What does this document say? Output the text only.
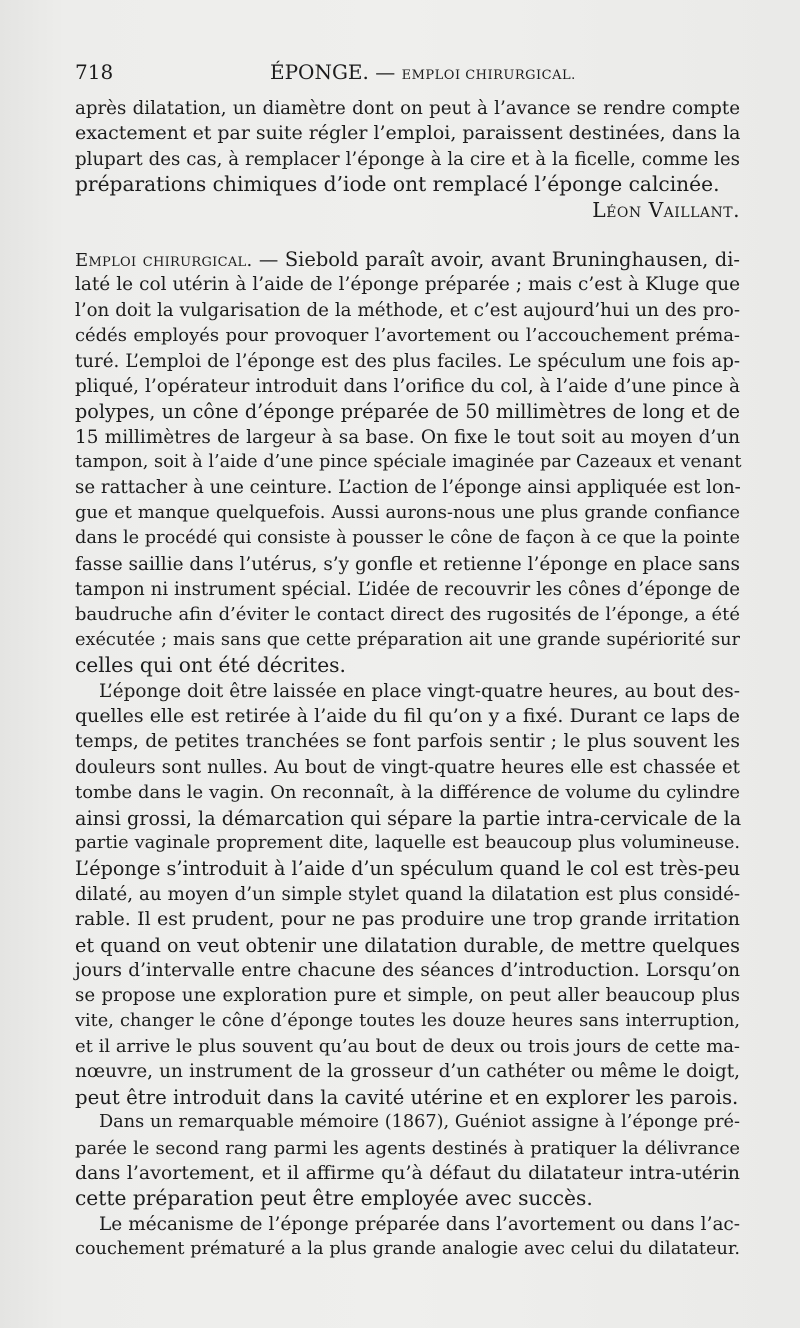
718	ÉPONGE. — EMPLOI CHIRURGICAL.
après dilatation, un diamètre dont on peut à l’avance se rendre compte
exactement et par suite régler l’emploi, paraissent destinées, dans la
plupart des cas, à remplacer l’éponge à la cire et à la ficelle, comme les
préparations chimiques d’iode ont remplacé l’éponge calcinée.
Léon Vaillant.
Emploi chirurgical. — Siebold paraît avoir, avant Bruninghausen, di-
laté le col utérin à l’aide de l’éponge préparée ; mais c’est à Kluge que
l’on doit la vulgarisation de la méthode, et c’est aujourd’hui un des pro-
cédés employés pour provoquer l’avortement ou l’accouchement préma-
turé. L’emploi de l’éponge est des plus faciles. Le spéculum une fois ap-
pliqué, l’opérateur introduit dans l’orifice du col, à l’aide d’une pince à
polypes, un cône d’éponge préparée de 50 millimètres de long et de
15 millimètres de largeur à sa base. On fixe le tout soit au moyen d’un
tampon, soit à l’aide d’une pince spéciale imaginée par Cazeaux et venant
se rattacher à une ceinture. L’action de l’éponge ainsi appliquée est lon-
gue et manque quelquefois. Aussi aurons-nous une plus grande confiance
dans le procédé qui consiste à pousser le cône de façon à ce que la pointe
fasse saillie dans l’utérus, s’y gonfle et retienne l’éponge en place sans
tampon ni instrument spécial. L’idée de recouvrir les cônes d’éponge de
baudruche afin d’éviter le contact direct des rugosités de l’éponge, a été
exécutée ; mais sans que cette préparation ait une grande supériorité sur
celles qui ont été décrites.
L’éponge doit être laissée en place vingt-quatre heures, au bout des-
quelles elle est retirée à l’aide du fil qu’on y a fixé. Durant ce laps de
temps, de petites tranchées se font parfois sentir ; le plus souvent les
douleurs sont nulles. Au bout de vingt-quatre heures elle est chassée et
tombe dans le vagin. On reconnaît, à la différence de volume du cylindre
ainsi grossi, la démarcation qui sépare la partie intra-cervicale de la
partie vaginale proprement dite, laquelle est beaucoup plus volumineuse.
L’éponge s’introduit à l’aide d’un spéculum quand le col est très-peu
dilaté, au moyen d’un simple stylet quand la dilatation est plus considé-
rable. Il est prudent, pour ne pas produire une trop grande irritation
et quand on veut obtenir une dilatation durable, de mettre quelques
jours d’intervalle entre chacune des séances d’introduction. Lorsqu’on
se propose une exploration pure et simple, on peut aller beaucoup plus
vite, changer le cône d’éponge toutes les douze heures sans interruption,
et il arrive le plus souvent qu’au bout de deux ou trois jours de cette ma-
nœuvre, un instrument de la grosseur d’un cathéter ou même le doigt,
peut être introduit dans la cavité utérine et en explorer les parois.
Dans un remarquable mémoire (1867), Guéniot assigne à l’éponge pré-
parée le second rang parmi les agents destinés à pratiquer la délivrance
dans l’avortement, et il affirme qu’à défaut du dilatateur intra-utérin
cette préparation peut être employée avec succès.
Le mécanisme de l’éponge préparée dans l’avortement ou dans l’ac-
couchement prématuré a la plus grande analogie avec celui du dilatateur.
